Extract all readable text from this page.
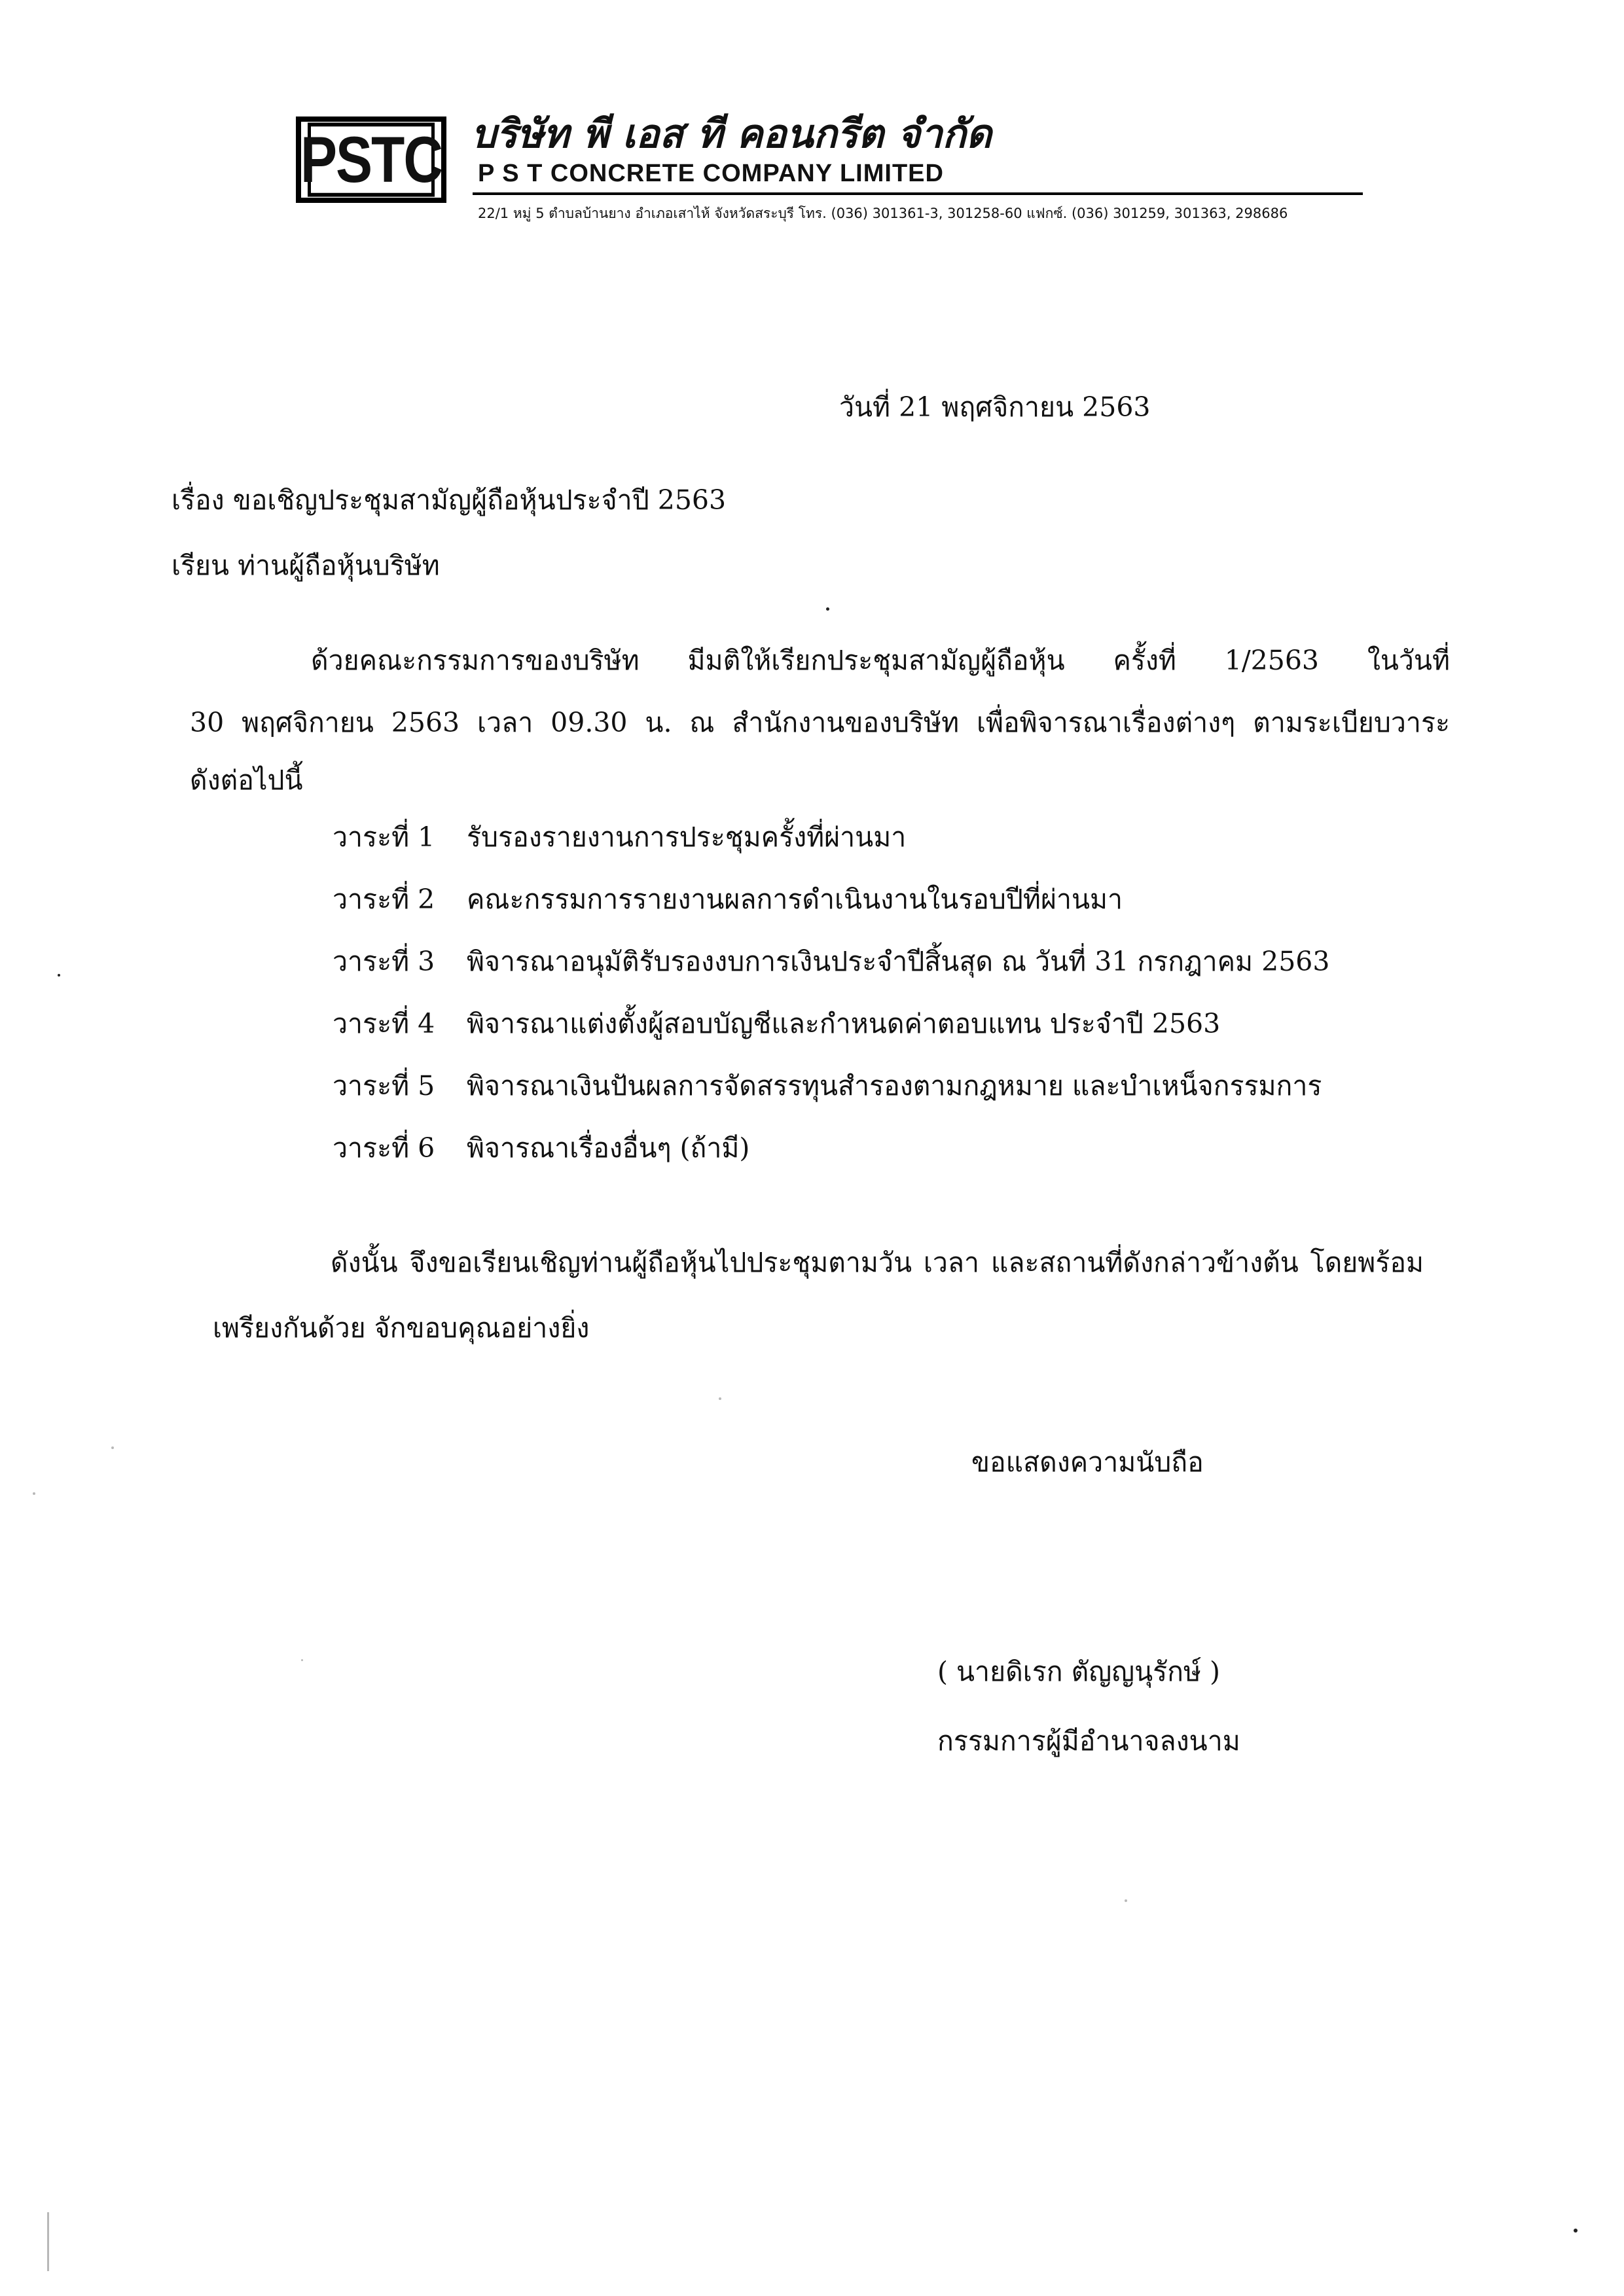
PSTC บริษัท พี เอส ที คอนกรีต จำกัด
P S T CONCRETE COMPANY LIMITED
22/1 หมู่ 5 ตำบลบ้านยาง อำเภอเสาไห้ จังหวัดสระบุรี โทร. (036) 301361-3, 301258-60 แฟกซ์. (036) 301259, 301363, 298686
วันที่ 21 พฤศจิกายน 2563
เรื่อง ขอเชิญประชุมสามัญผู้ถือหุ้นประจำปี 2563
เรียน ท่านผู้ถือหุ้นบริษัท
ด้วยคณะกรรมการของบริษัท มีมติให้เรียกประชุมสามัญผู้ถือหุ้น ครั้งที่ 1/2563 ในวันที่
30 พฤศจิกายน 2563 เวลา 09.30 น. ณ สำนักงานของบริษัท เพื่อพิจารณาเรื่องต่างๆ ตามระเบียบวาระ
ดังต่อไปนี้
วาระที่ 1	รับรองรายงานการประชุมครั้งที่ผ่านมา
วาระที่ 2	คณะกรรมการรายงานผลการดำเนินงานในรอบปีที่ผ่านมา
วาระที่ 3	พิจารณาอนุมัติรับรองงบการเงินประจำปีสิ้นสุด ณ วันที่ 31 กรกฎาคม 2563
วาระที่ 4	พิจารณาแต่งตั้งผู้สอบบัญชีและกำหนดค่าตอบแทน ประจำปี 2563
วาระที่ 5	พิจารณาเงินปันผลการจัดสรรทุนสำรองตามกฎหมาย และบำเหน็จกรรมการ
วาระที่ 6	พิจารณาเรื่องอื่นๆ (ถ้ามี)
ดังนั้น จึงขอเรียนเชิญท่านผู้ถือหุ้นไปประชุมตามวัน เวลา และสถานที่ดังกล่าวข้างต้น โดยพร้อม
เพรียงกันด้วย จักขอบคุณอย่างยิ่ง
ขอแสดงความนับถือ
( นายดิเรก ตัญญนุรักษ์ )
กรรมการผู้มีอำนาจลงนาม
